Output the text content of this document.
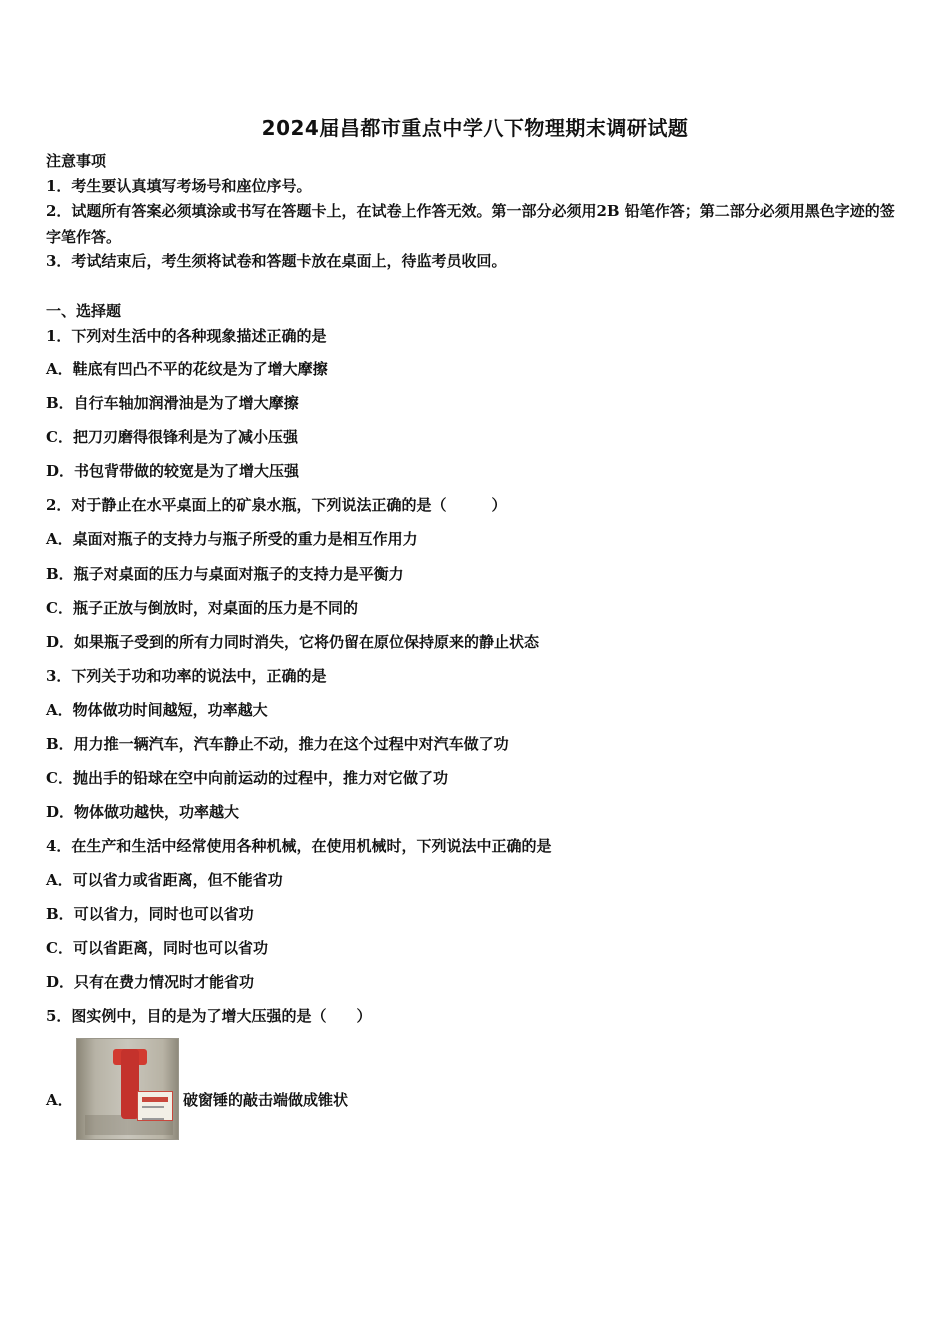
2024届昌都市重点中学八下物理期末调研试题
注意事项
1．考生要认真填写考场号和座位序号。
2．试题所有答案必须填涂或书写在答题卡上，在试卷上作答无效。第一部分必须用2B 铅笔作答；第二部分必须用黑色字迹的签字笔作答。
3．考试结束后，考生须将试卷和答题卡放在桌面上，待监考员收回。
一、选择题
1．下列对生活中的各种现象描述正确的是
A．鞋底有凹凸不平的花纹是为了增大摩擦
B．自行车轴加润滑油是为了增大摩擦
C．把刀刃磨得很锋利是为了减小压强
D．书包背带做的较宽是为了增大压强
2．对于静止在水平桌面上的矿泉水瓶，下列说法正确的是（　　　）
A．桌面对瓶子的支持力与瓶子所受的重力是相互作用力
B．瓶子对桌面的压力与桌面对瓶子的支持力是平衡力
C．瓶子正放与倒放时，对桌面的压力是不同的
D．如果瓶子受到的所有力同时消失，它将仍留在原位保持原来的静止状态
3．下列关于功和功率的说法中，正确的是
A．物体做功时间越短，功率越大
B．用力推一辆汽车，汽车静止不动，推力在这个过程中对汽车做了功
C．抛出手的铅球在空中向前运动的过程中，推力对它做了功
D．物体做功越快，功率越大
4．在生产和生活中经常使用各种机械，在使用机械时，下列说法中正确的是
A．可以省力或省距离，但不能省功
B．可以省力，同时也可以省功
C．可以省距离，同时也可以省功
D．只有在费力情况时才能省功
5．图实例中，目的是为了增大压强的是（　　）
A．	破窗锤的敲击端做成锥状
